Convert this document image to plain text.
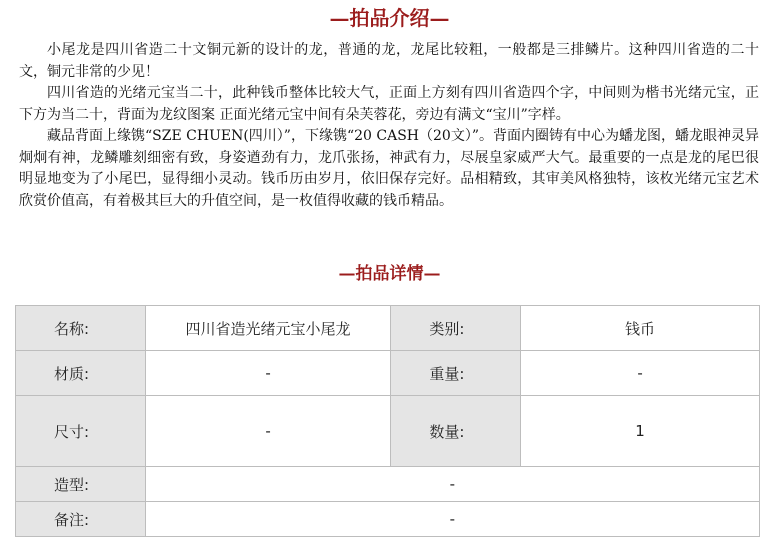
—拍品介绍—

小尾龙是四川省造二十文铜元新的设计的龙，普通的龙，龙尾比较粗，一般都是三排鳞片。这种四川省造的二十文，铜元非常的少见！

四川省造的光绪元宝当二十，此种钱币整体比较大气，正面上方刻有四川省造四个字，中间则为楷书光绪元宝，正下方为当二十，背面为龙纹图案 正面光绪元宝中间有朵芙蓉花，旁边有满文“宝川”字样。

藏品背面上缘镌“SZE CHUEN(四川）”，下缘镌“20 CASH（20文）”。背面内圈铸有中心为蟠龙图，蟠龙眼神灵异炯炯有神，龙鳞雕刻细密有致，身姿遒劲有力，龙爪张扬，神武有力，尽展皇家威严大气。最重要的一点是龙的尾巴很明显地变为了小尾巴，显得细小灵动。钱币历由岁月，依旧保存完好。品相精致，其审美风格独特，该枚光绪元宝艺术欣赏价值高，有着极其巨大的升值空间，是一枚值得收藏的钱币精品。

—拍品详情—
名称:	四川省造光绪元宝小尾龙	类别:	钱币
材质:	-	重量:	-
尺寸:	-	数量:	1
造型:	-		
备注:	-		
